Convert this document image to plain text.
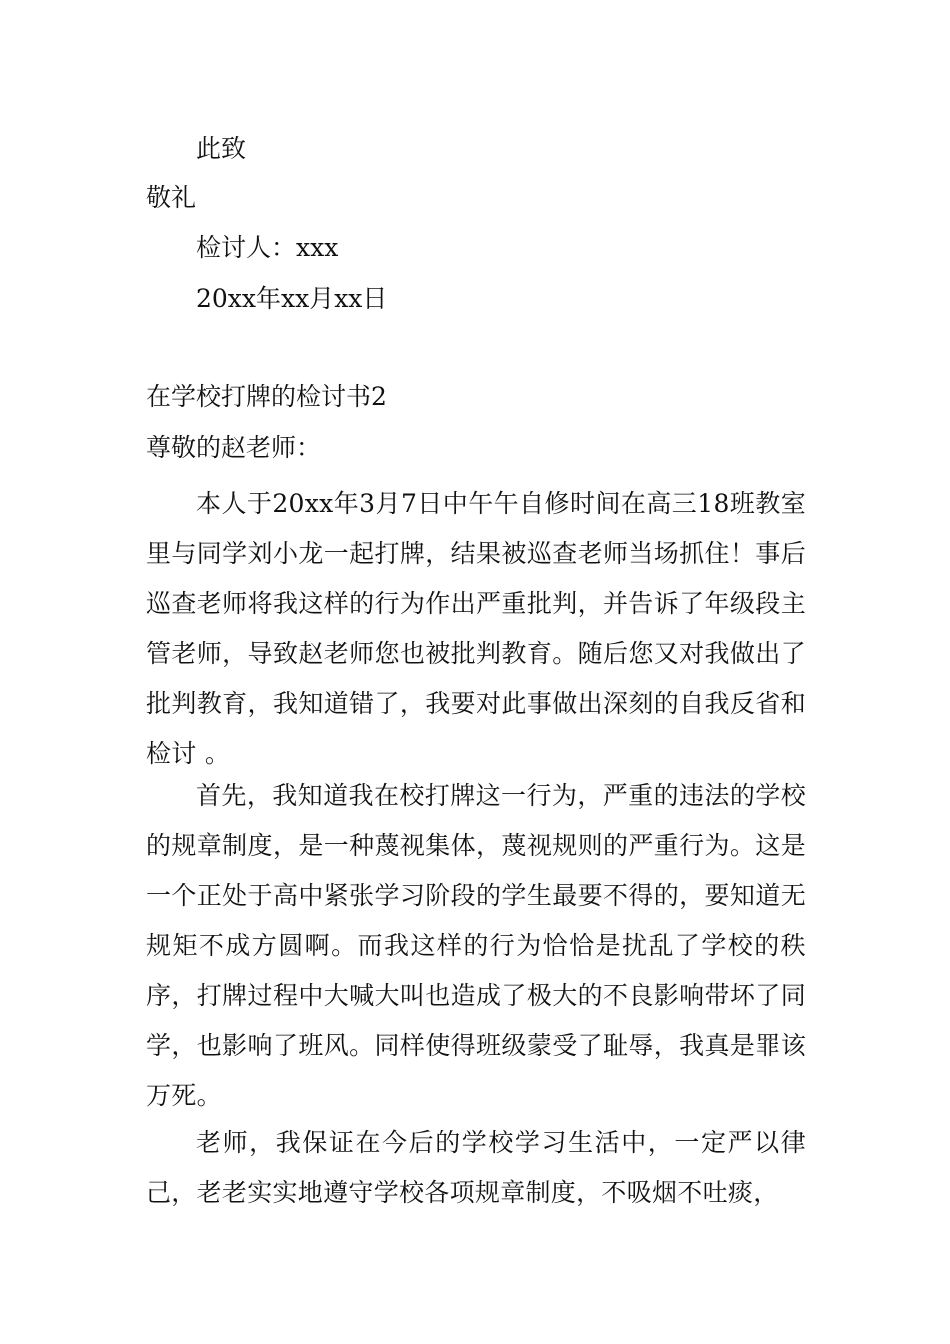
此致
敬礼
检讨人：xxx
20xx年xx月xx日
在学校打牌的检讨书2
尊敬的赵老师：

本人于20xx年3月7日中午午自修时间在高三18班教室里与同学刘小龙一起打牌，结果被巡查老师当场抓住！事后巡查老师将我这样的行为作出严重批判，并告诉了年级段主管老师，导致赵老师您也被批判教育。随后您又对我做出了批判教育，我知道错了，我要对此事做出深刻的自我反省和检讨 。

首先，我知道我在校打牌这一行为，严重的违法的学校的规章制度，是一种蔑视集体，蔑视规则的严重行为。这是一个正处于高中紧张学习阶段的学生最要不得的，要知道无规矩不成方圆啊。而我这样的行为恰恰是扰乱了学校的秩序，打牌过程中大喊大叫也造成了极大的不良影响带坏了同学，也影响了班风。同样使得班级蒙受了耻辱，我真是罪该万死。

老师，我保证在今后的学校学习生活中，一定严以律己，老老实实地遵守学校各项规章制度，不吸烟不吐痰，
